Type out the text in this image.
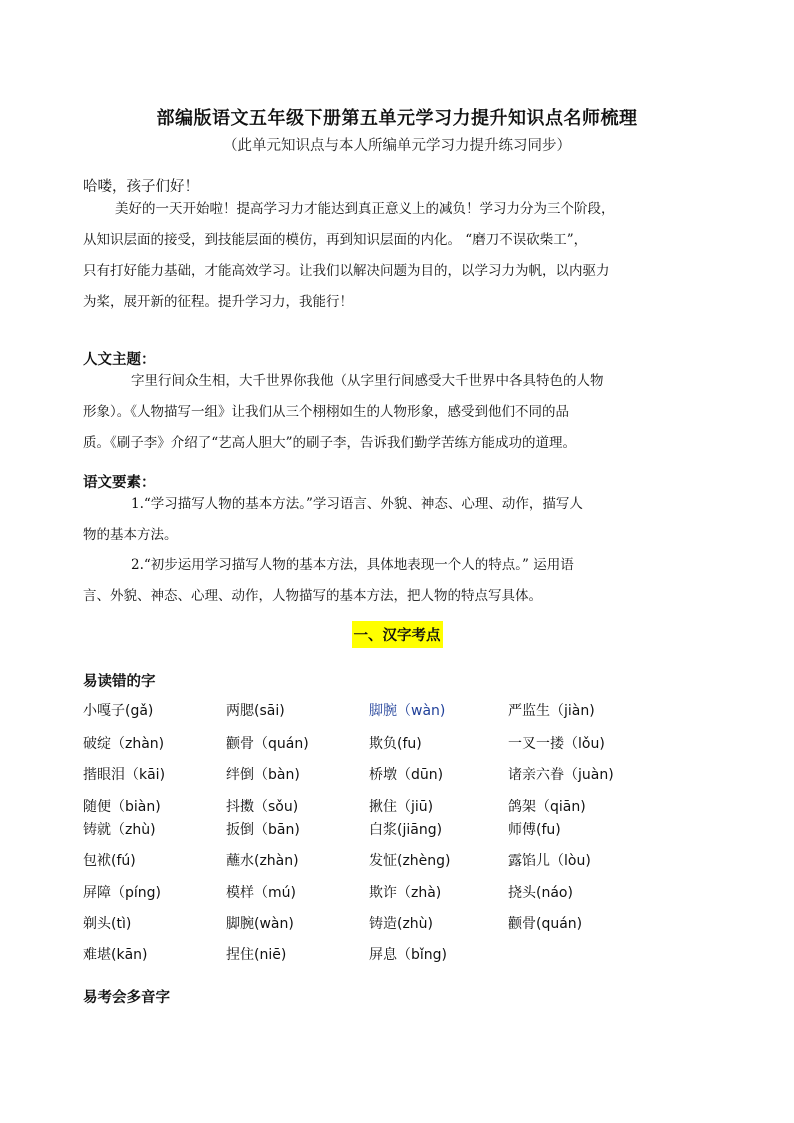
部编版语文五年级下册第五单元学习力提升知识点名师梳理
（此单元知识点与本人所编单元学习力提升练习同步）
哈喽，孩子们好！
美好的一天开始啦！提高学习力才能达到真正意义上的减负！学习力分为三个阶段，
从知识层面的接受，到技能层面的模仿，再到知识层面的内化。 “磨刀不误砍柴工”，
只有打好能力基础，才能高效学习。让我们以解决问题为目的，以学习力为帆，以内驱力
为桨，展开新的征程。提升学习力，我能行！
人文主题：
字里行间众生相，大千世界你我他（从字里行间感受大千世界中各具特色的人物
形象）。《人物描写一组》让我们从三个栩栩如生的人物形象，感受到他们不同的品
质。《刷子李》介绍了“艺高人胆大”的刷子李，告诉我们勤学苦练方能成功的道理。
语文要素：
1.“学习描写人物的基本方法。”学习语言、外貌、神态、心理、动作，描写人
物的基本方法。
2.“初步运用学习描写人物的基本方法，具体地表现一个人的特点。” 运用语
言、外貌、神态、心理、动作，人物描写的基本方法，把人物的特点写具体。
一、汉字考点
易读错的字
小嘎子(gǎ)	两腮(sāi)	脚腕（wàn)	严监生（jiàn)
破绽（zhàn)	颧骨（quán)	欺负(fu)	一叉一搂（lǒu)
揩眼泪（kāi)	绊倒（bàn)	桥墩（dūn)	诸亲六眷（juàn)
随便（biàn)	抖擞（sǒu)	揪住（jiū)	鸽架（qiān)
铸就（zhù)	扳倒（bān)	白浆(jiāng)	师傅(fu)
包袱(fú)	蘸水(zhàn)	发怔(zhèng)	露馅儿（lòu)
屏障（píng)	模样（mú)	欺诈（zhà)	挠头(náo)
剃头(tì)	脚腕(wàn)	铸造(zhù)	颧骨(quán)
难堪(kān)	捏住(niē)	屏息（bǐng)
易考会多音字
